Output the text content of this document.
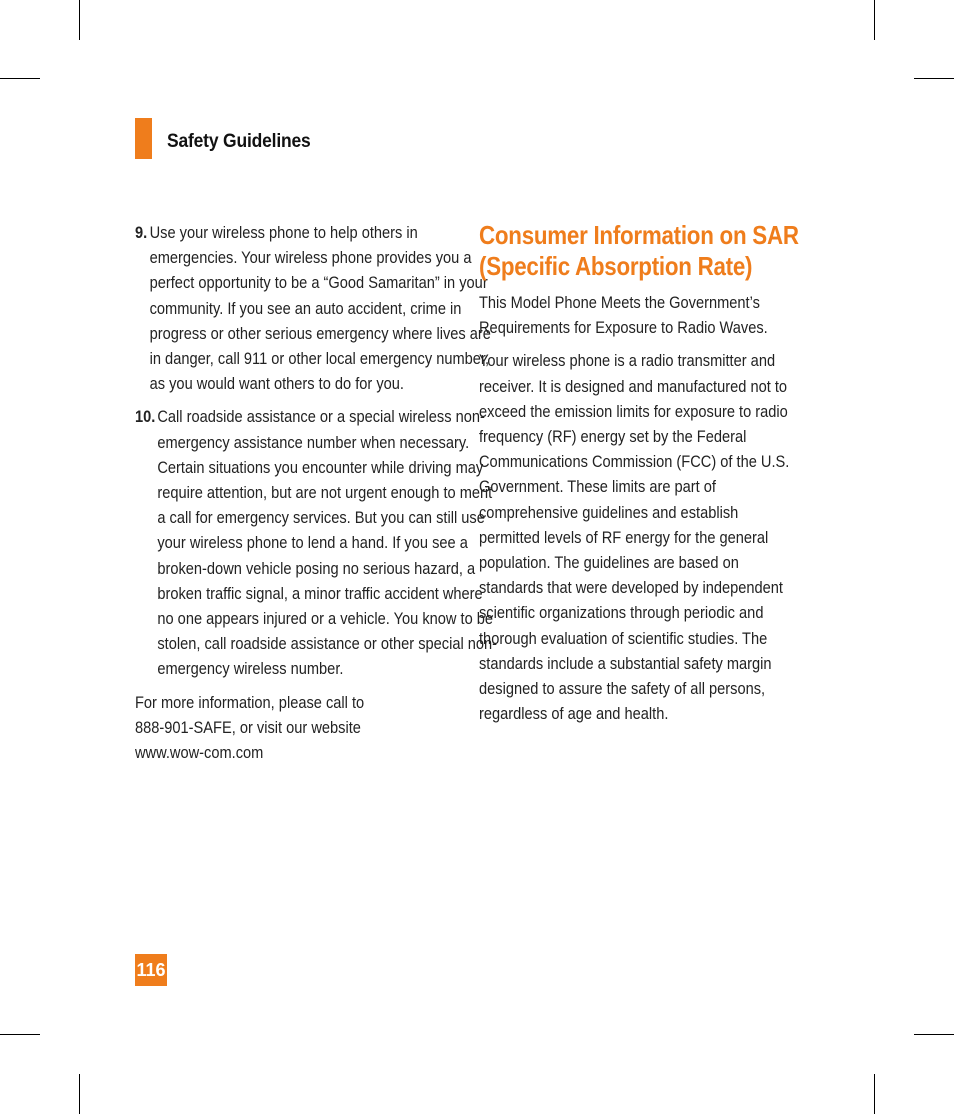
Safety Guidelines
9. Use your wireless phone to help others in emergencies. Your wireless phone provides you a perfect opportunity to be a “Good Samaritan” in your community. If you see an auto accident, crime in progress or other serious emergency where lives are in danger, call 911 or other local emergency number, as you would want others to do for you.
10. Call roadside assistance or a special wireless non-emergency assistance number when necessary. Certain situations you encounter while driving may require attention, but are not urgent enough to merit a call for emergency services. But you can still use your wireless phone to lend a hand. If you see a broken-down vehicle posing no serious hazard, a broken traffic signal, a minor traffic accident where no one appears injured or a vehicle. You know to be stolen, call roadside assistance or other special non-emergency wireless number.
For more information, please call to
888-901-SAFE, or visit our website
www.wow-com.com
Consumer Information on SAR
(Specific Absorption Rate)

This Model Phone Meets the Government’s Requirements for Exposure to Radio Waves.

Your wireless phone is a radio transmitter and receiver. It is designed and manufactured not to exceed the emission limits for exposure to radio frequency (RF) energy set by the Federal Communications Commission (FCC) of the U.S. Government. These limits are part of comprehensive guidelines and establish permitted levels of RF energy for the general population. The guidelines are based on standards that were developed by independent scientific organizations through periodic and thorough evaluation of scientific studies. The standards include a substantial safety margin designed to assure the safety of all persons, regardless of age and health.

116
